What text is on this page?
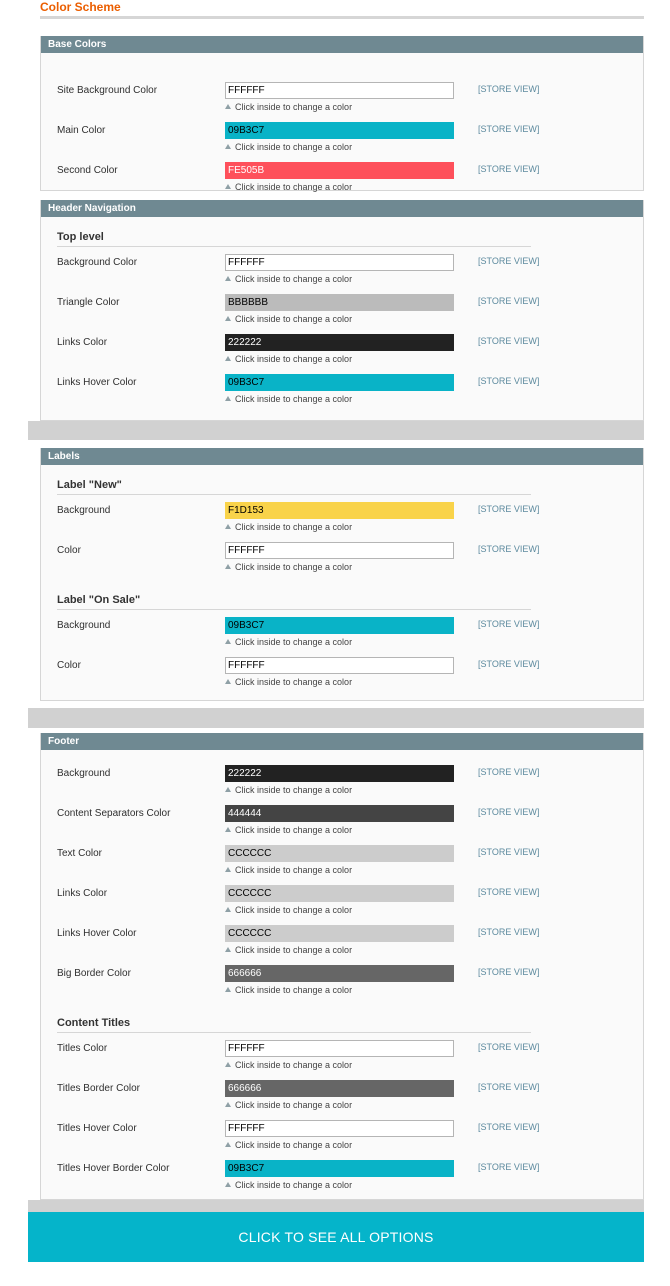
Color Scheme
Base Colors
Site Background Color	FFFFFF
Click inside to change a color
[STORE VIEW]
Main Color	09B3C7
Click inside to change a color
[STORE VIEW]
Second Color	FE505B
Click inside to change a color
[STORE VIEW]
Header Navigation
Top level
Background Color	FFFFFF
Click inside to change a color
[STORE VIEW]
Triangle Color	BBBBBB
Click inside to change a color
[STORE VIEW]
Links Color	222222
Click inside to change a color
[STORE VIEW]
Links Hover Color	09B3C7
Click inside to change a color
[STORE VIEW]
Labels
Label "New"
Background	F1D153
Click inside to change a color
[STORE VIEW]
Color	FFFFFF
Click inside to change a color
[STORE VIEW]
Label "On Sale"
Background	09B3C7
Click inside to change a color
[STORE VIEW]
Color	FFFFFF
Click inside to change a color
[STORE VIEW]
Footer
Background	222222
Click inside to change a color
[STORE VIEW]
Content Separators Color	444444
Click inside to change a color
[STORE VIEW]
Text Color	CCCCCC
Click inside to change a color
[STORE VIEW]
Links Color	CCCCCC
Click inside to change a color
[STORE VIEW]
Links Hover Color	CCCCCC
Click inside to change a color
[STORE VIEW]
Big Border Color	666666
Click inside to change a color
[STORE VIEW]
Content Titles
Titles Color	FFFFFF
Click inside to change a color
[STORE VIEW]
Titles Border Color	666666
Click inside to change a color
[STORE VIEW]
Titles Hover Color	FFFFFF
Click inside to change a color
[STORE VIEW]
Titles Hover Border Color	09B3C7
Click inside to change a color
[STORE VIEW]
CLICK TO SEE ALL OPTIONS
